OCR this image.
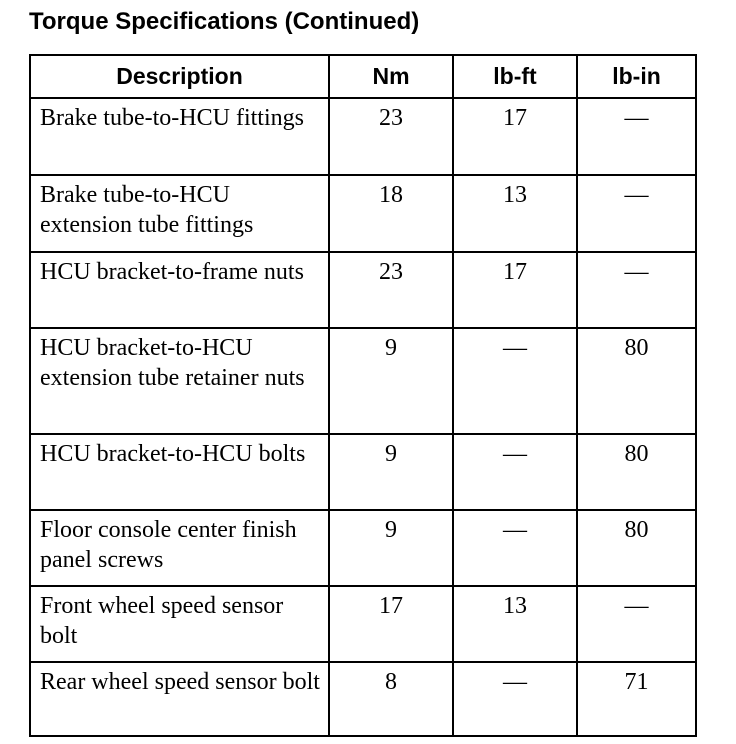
Torque Specifications (Continued)
Description	Nm	lb-ft	lb-in
Brake tube-to-HCU fittings	23	17	—
Brake tube-to-HCU extension tube fittings	18	13	—
HCU bracket-to-frame nuts	23	17	—
HCU bracket-to-HCU extension tube retainer nuts	9	—	80
HCU bracket-to-HCU bolts	9	—	80
Floor console center finish panel screws	9	—	80
Front wheel speed sensor bolt	17	13	—
Rear wheel speed sensor bolt	8	—	71
